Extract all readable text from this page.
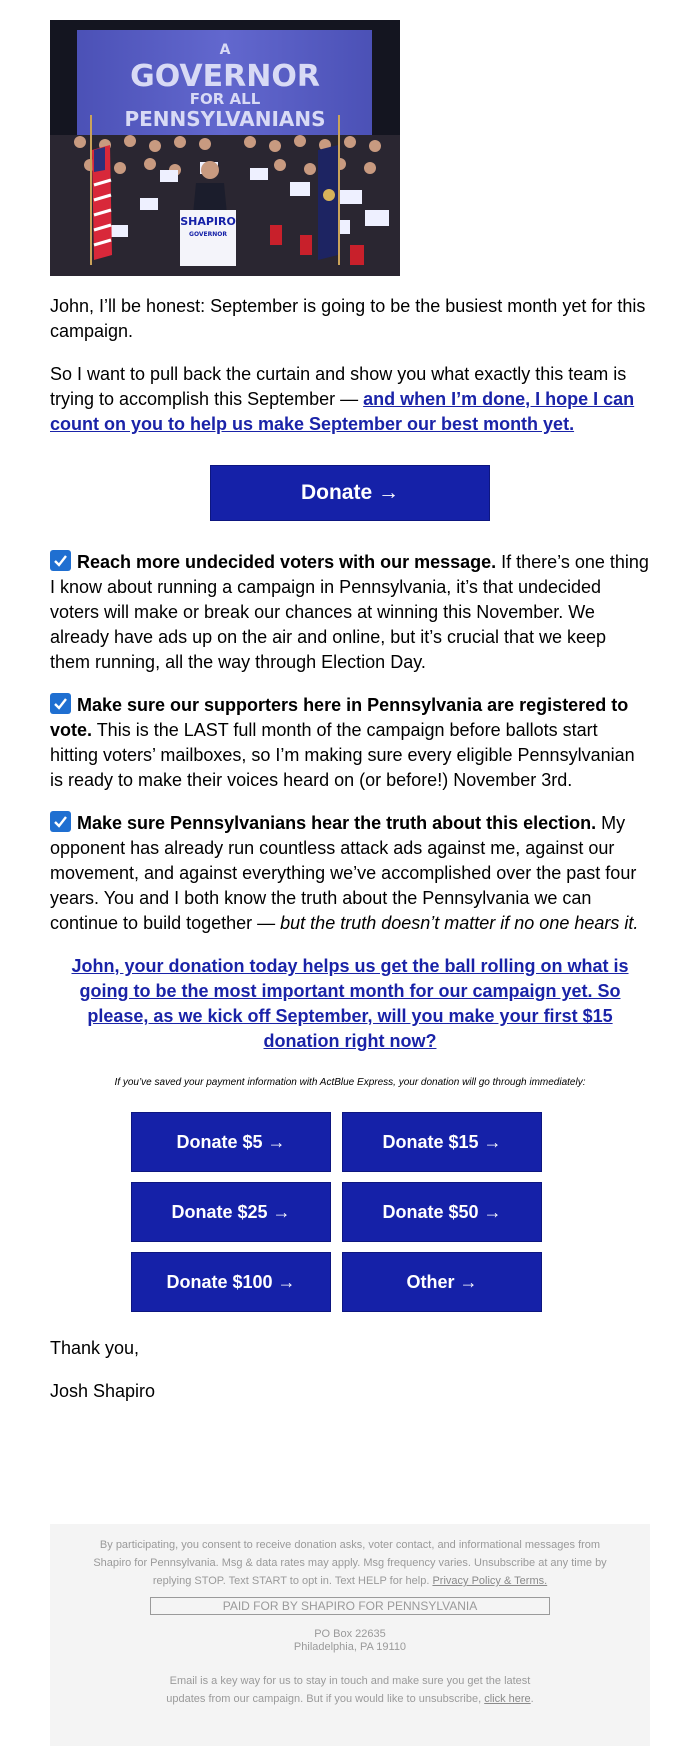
A
GOVERNOR
FOR ALL
PENNSYLVANIANS
SHAPIRO
GOVERNOR

John, I’ll be honest: September is going to be the busiest month yet for this campaign.

So I want to pull back the curtain and show you what exactly this team is trying to accomplish this September — and when I’m done, I hope I can count on you to help us make September our best month yet.

Donate →

Reach more undecided voters with our message. If there’s one thing I know about running a campaign in Pennsylvania, it’s that undecided voters will make or break our chances at winning this November. We already have ads up on the air and online, but it’s crucial that we keep them running, all the way through Election Day.

Make sure our supporters here in Pennsylvania are registered to vote. This is the LAST full month of the campaign before ballots start hitting voters’ mailboxes, so I’m making sure every eligible Pennsylvanian is ready to make their voices heard on (or before!) November 3rd.

Make sure Pennsylvanians hear the truth about this election. My opponent has already run countless attack ads against me, against our movement, and against everything we’ve accomplished over the past four years. You and I both know the truth about the Pennsylvania we can continue to build together — but the truth doesn’t matter if no one hears it.

John, your donation today helps us get the ball rolling on what is going to be the most important month for our campaign yet. So please, as we kick off September, will you make your first $15 donation right now?
If you’ve saved your payment information with ActBlue Express, your donation will go through immediately:
Donate $5 →	Donate $15 →
Donate $25 →	Donate $50 →
Donate $100 →	Other →
Thank you,
Josh Shapiro
By participating, you consent to receive donation asks, voter contact, and informational messages from Shapiro for Pennsylvania. Msg & data rates may apply. Msg frequency varies. Unsubscribe at any time by replying STOP. Text START to opt in. Text HELP for help. Privacy Policy & Terms.
PAID FOR BY SHAPIRO FOR PENNSYLVANIA
PO Box 22635
Philadelphia, PA 19110
Email is a key way for us to stay in touch and make sure you get the latest updates from our campaign. But if you would like to unsubscribe, click here.
